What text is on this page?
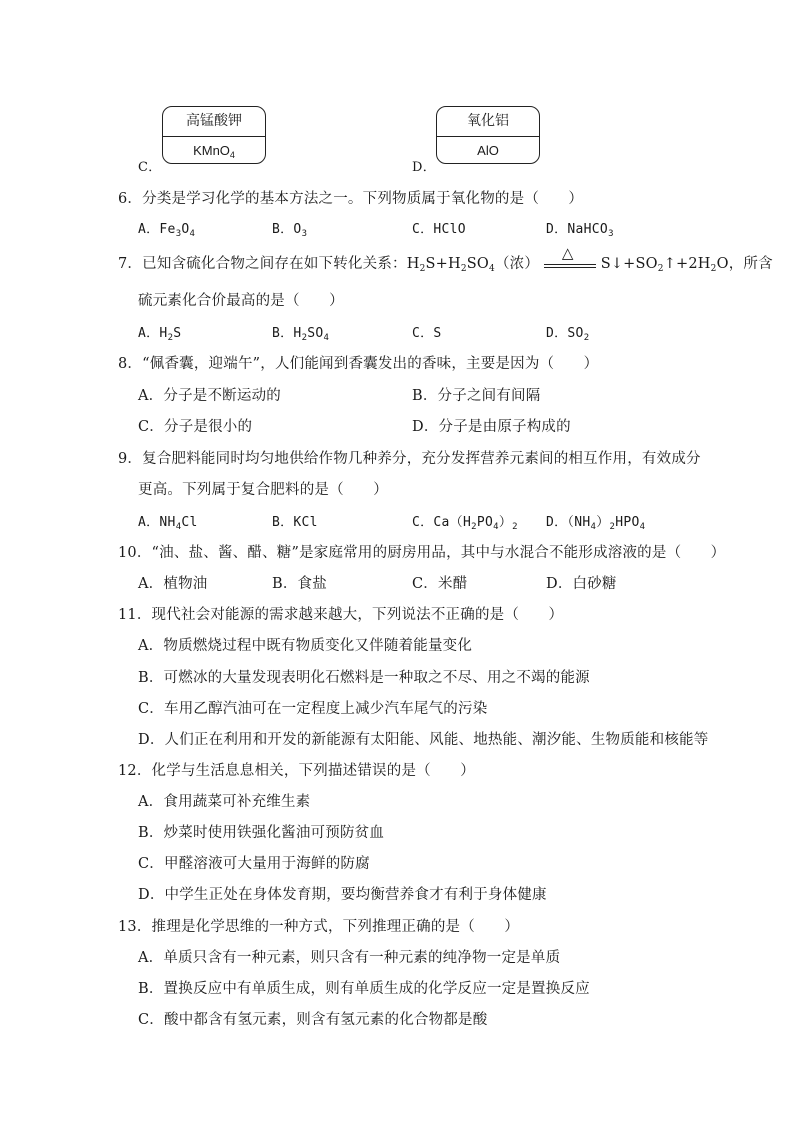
C．
高锰酸钾
KMnO$_4$
D．
氧化铝
AlO
6．分类是学习化学的基本方法之一。下列物质属于氧化物的是（　　）
A．$Fe_3O_4$	B．$O_3$	C．HClO	D．NaHCO$_3$
7．已知含硫化合物之间存在如下转化关系：$H_2S+H_2SO_4$（浓）
△
$S↓+SO_2↑+2H_2O$，所含
硫元素化合价最高的是（　　）
A．$H_2S$	B．$H_2SO_4$	C．S	D．$SO_2$
8．“佩香囊，迎端午”，人们能闻到香囊发出的香味，主要是因为（　　）
A．分子是不断运动的	B．分子之间有间隔
C．分子是很小的	D．分子是由原子构成的
9．复合肥料能同时均匀地供给作物几种养分，充分发挥营养元素间的相互作用，有效成分
更高。下列属于复合肥料的是（　　）
A．$NH_4Cl$	B．KCl	C．$Ca(H_2PO_4)_2$ D．$(NH_4)_2HPO_4$
10．“油、盐、酱、醋、糖”是家庭常用的厨房用品，其中与水混合不能形成溶液的是（　　）
A．植物油	B．食盐	C．米醋	D．白砂糖
11．现代社会对能源的需求越来越大，下列说法不正确的是（　　）
A．物质燃烧过程中既有物质变化又伴随着能量变化
B．可燃冰的大量发现表明化石燃料是一种取之不尽、用之不竭的能源
C．车用乙醇汽油可在一定程度上减少汽车尾气的污染
D．人们正在利用和开发的新能源有太阳能、风能、地热能、潮汐能、生物质能和核能等
12．化学与生活息息相关，下列描述错误的是（　　）
A．食用蔬菜可补充维生素
B．炒菜时使用铁强化酱油可预防贫血
C．甲醛溶液可大量用于海鲜的防腐
D．中学生正处在身体发育期，要均衡营养食才有利于身体健康
13．推理是化学思维的一种方式，下列推理正确的是（　　）
A．单质只含有一种元素，则只含有一种元素的纯净物一定是单质
B．置换反应中有单质生成，则有单质生成的化学反应一定是置换反应
C．酸中都含有氢元素，则含有氢元素的化合物都是酸
